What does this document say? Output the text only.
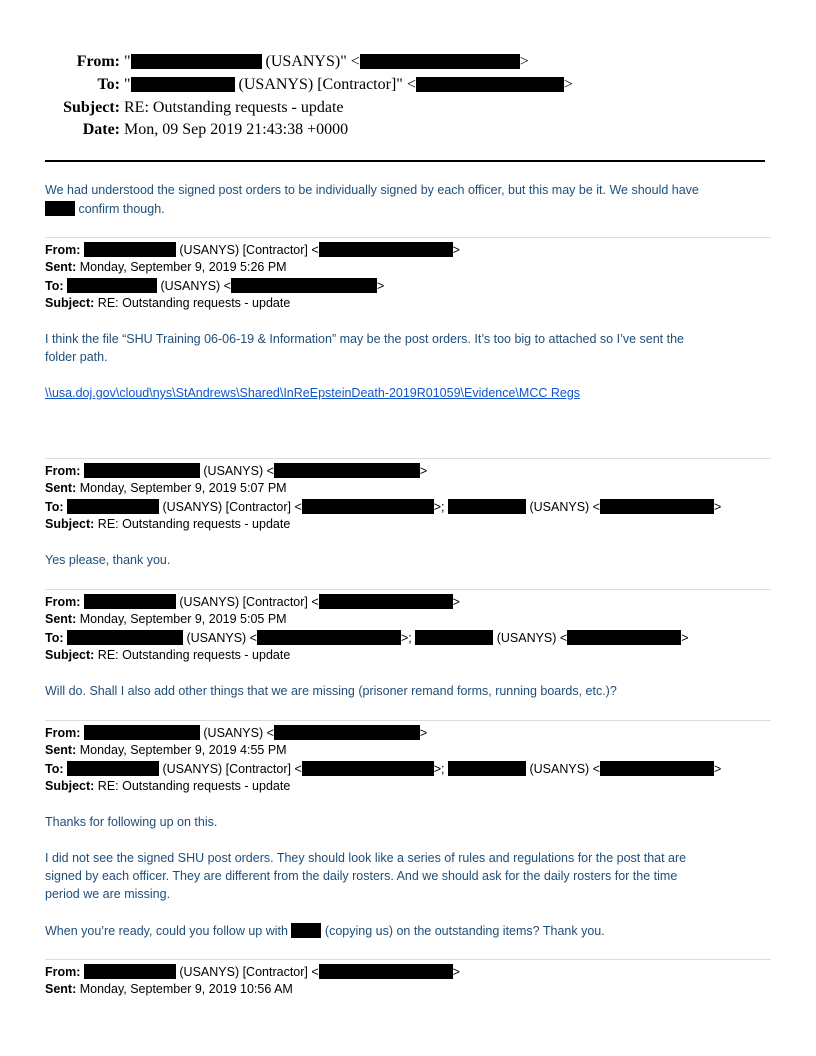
From: "	(USANYS)" <	>
To: "	(USANYS) [Contractor]" <	>
Subject: RE: Outstanding requests - update
Date: Mon, 09 Sep 2019 21:43:38 +0000
We had understood the signed post orders to be individually signed by each officer, but this may be it. We should have
confirm though.
From:	(USANYS) [Contractor] <	>
Sent: Monday, September 9, 2019 5:26 PM
To:	(USANYS) <	>
Subject: RE: Outstanding requests - update
I think the file “SHU Training 06-06-19 & Information” may be the post orders. It’s too big to attached so I’ve sent the
folder path.
\\usa.doj.gov\cloud\nys\StAndrews\Shared\InReEpsteinDeath-2019R01059\Evidence\MCC Regs
From:	(USANYS) <	>
Sent: Monday, September 9, 2019 5:07 PM
To:	(USANYS) [Contractor] <	>;	(USANYS) <	>
Subject: RE: Outstanding requests - update
Yes please, thank you.
From:	(USANYS) [Contractor] <	>
Sent: Monday, September 9, 2019 5:05 PM
To:	(USANYS) <	>;	(USANYS) <	>
Subject: RE: Outstanding requests - update
Will do. Shall I also add other things that we are missing (prisoner remand forms, running boards, etc.)?
From:	(USANYS) <	>
Sent: Monday, September 9, 2019 4:55 PM
To:	(USANYS) [Contractor] <	>;	(USANYS) <	>
Subject: RE: Outstanding requests - update
Thanks for following up on this.
I did not see the signed SHU post orders. They should look like a series of rules and regulations for the post that are
signed by each officer. They are different from the daily rosters. And we should ask for the daily rosters for the time
period we are missing.
When you’re ready, could you follow up with  (copying us) on the outstanding items? Thank you.
From:	(USANYS) [Contractor] <	>
Sent: Monday, September 9, 2019 10:56 AM
